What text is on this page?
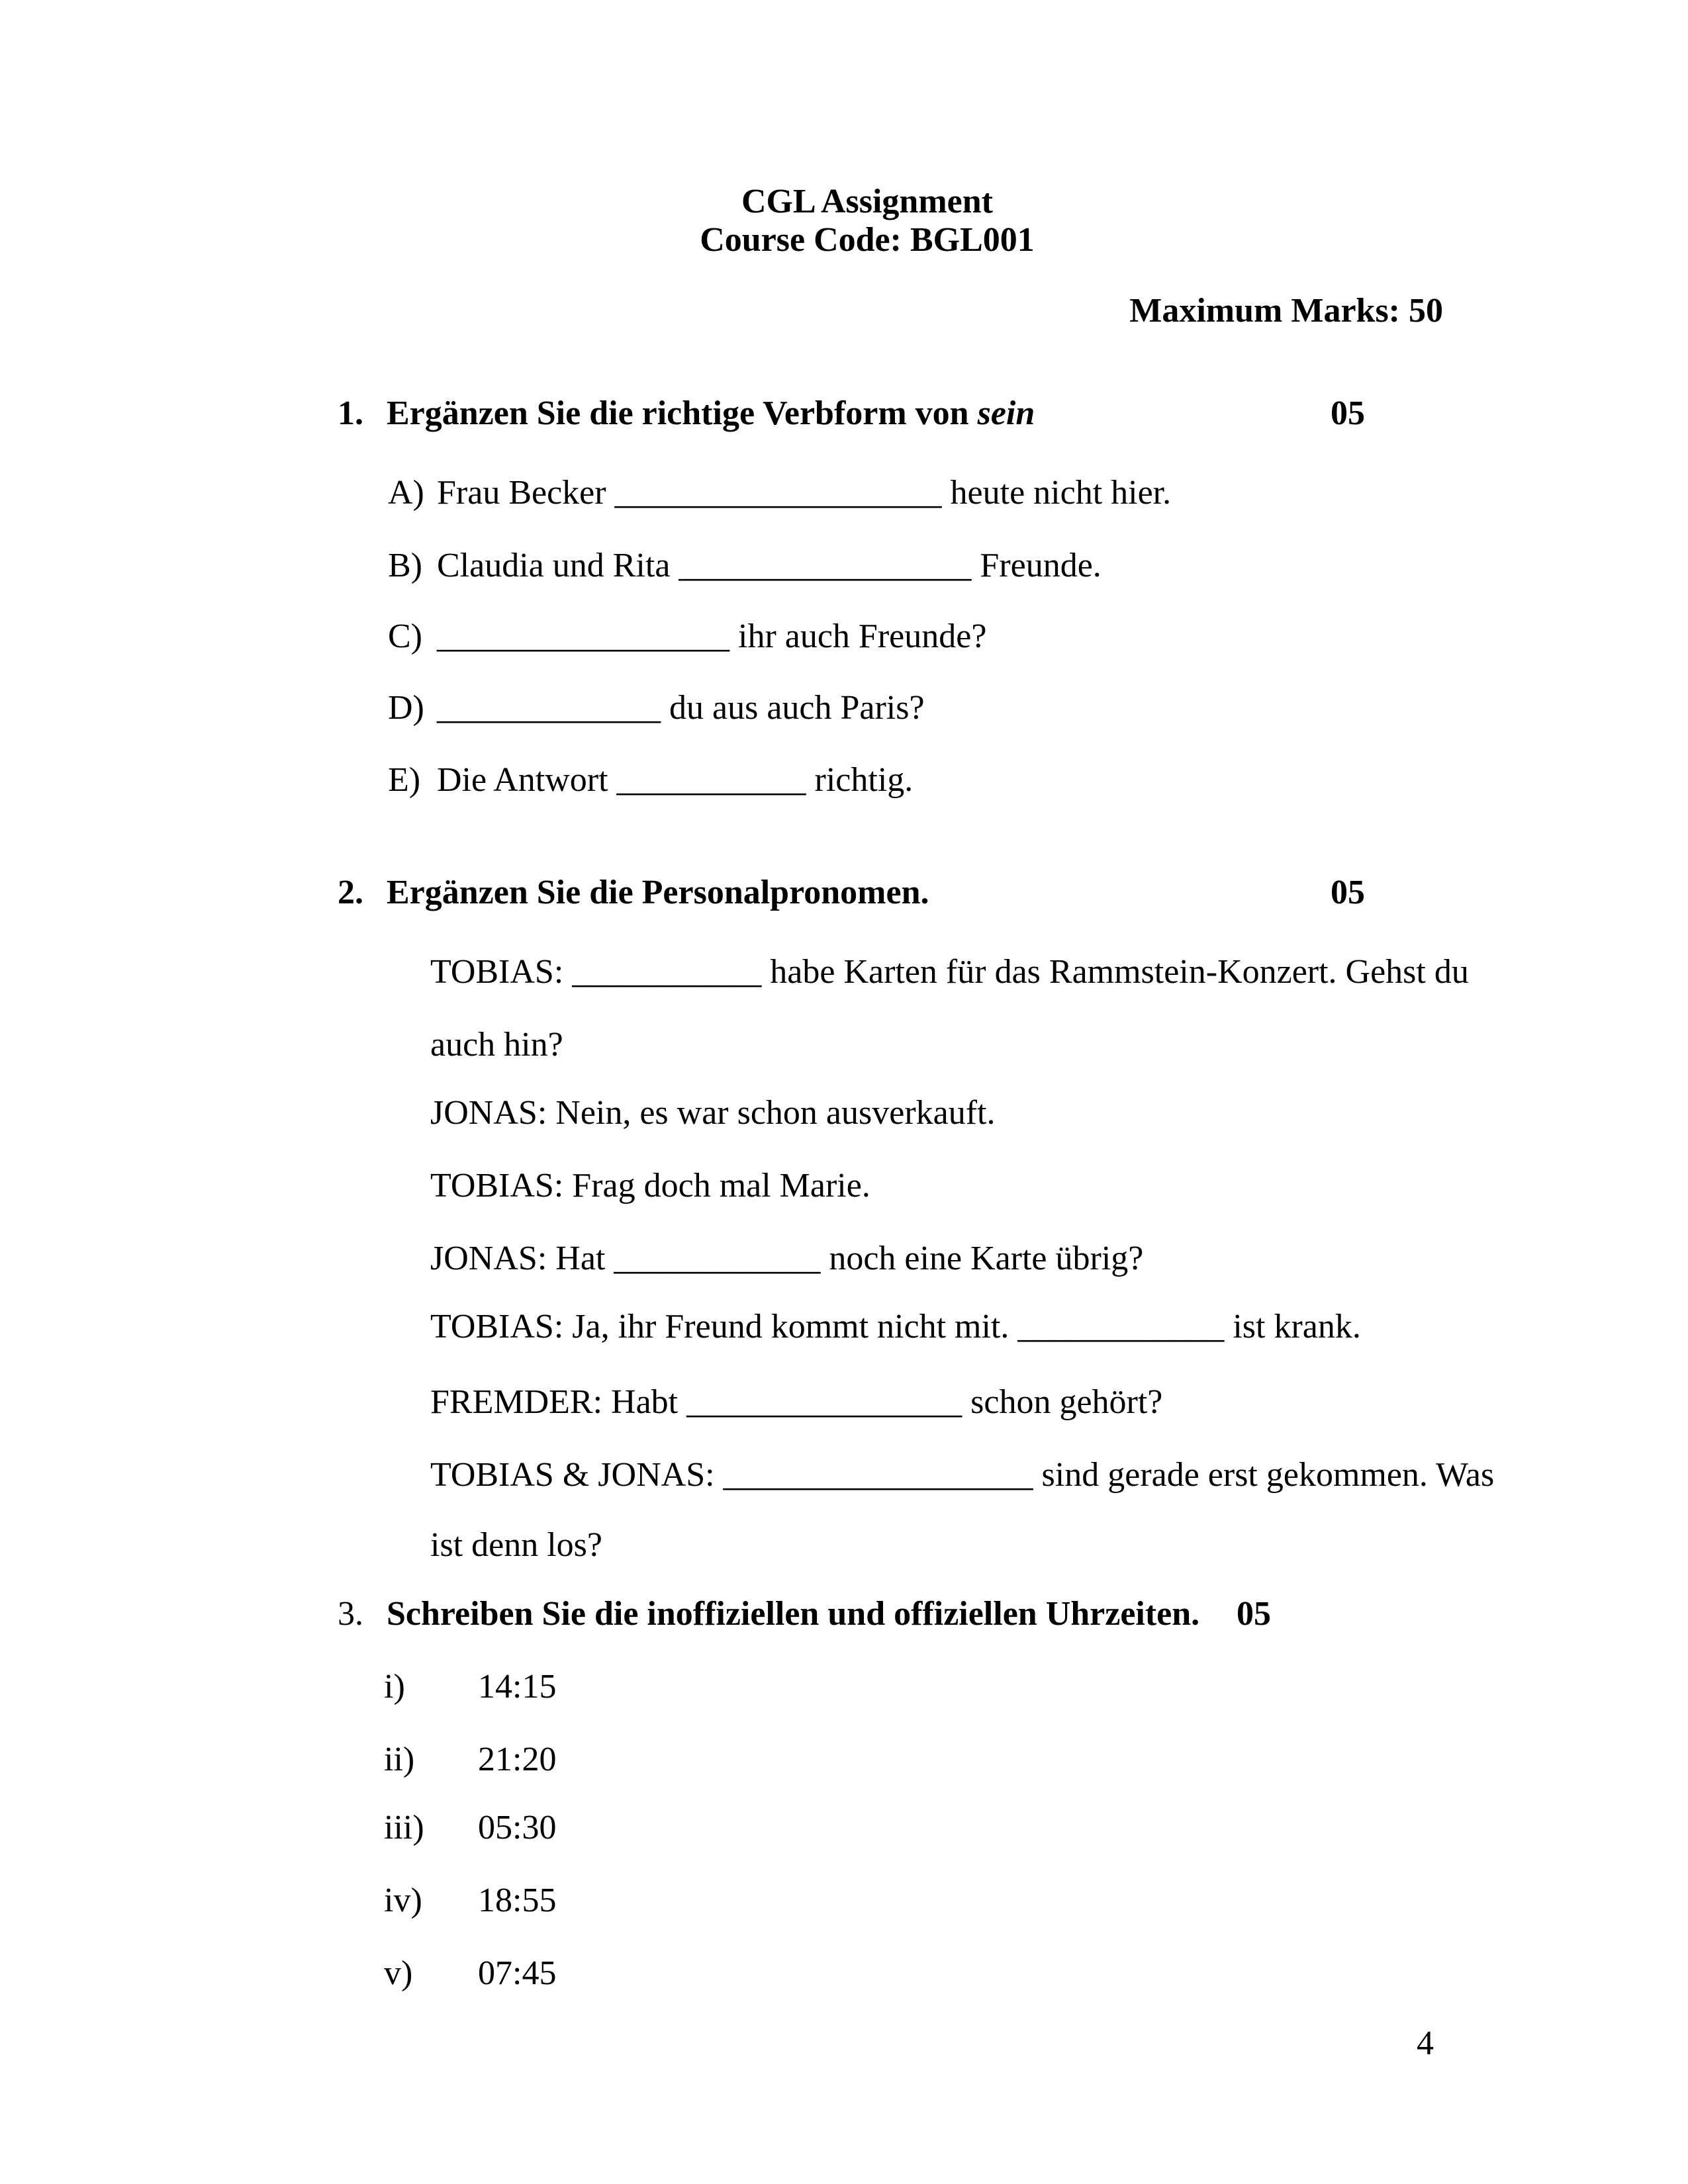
CGL Assignment
Course Code: BGL001
Maximum Marks: 50
1. Ergänzen Sie die richtige Verbform von sein	05
A) Frau Becker ___________________ heute nicht hier.
B) Claudia und Rita _________________ Freunde.
C) _________________ ihr auch Freunde?
D) _____________ du aus auch Paris?
E) Die Antwort ___________ richtig.
2. Ergänzen Sie die Personalpronomen.	05
TOBIAS: ___________ habe Karten für das Rammstein-Konzert. Gehst du
auch hin?
JONAS: Nein, es war schon ausverkauft.
TOBIAS: Frag doch mal Marie.
JONAS: Hat ____________ noch eine Karte übrig?
TOBIAS: Ja, ihr Freund kommt nicht mit. ____________ ist krank.
FREMDER: Habt ________________ schon gehört?
TOBIAS & JONAS: __________________ sind gerade erst gekommen. Was
ist denn los?
3. Schreiben Sie die inoffiziellen und offiziellen Uhrzeiten. 05
i) 14:15
ii) 21:20
iii) 05:30
iv) 18:55
v) 07:45
4
